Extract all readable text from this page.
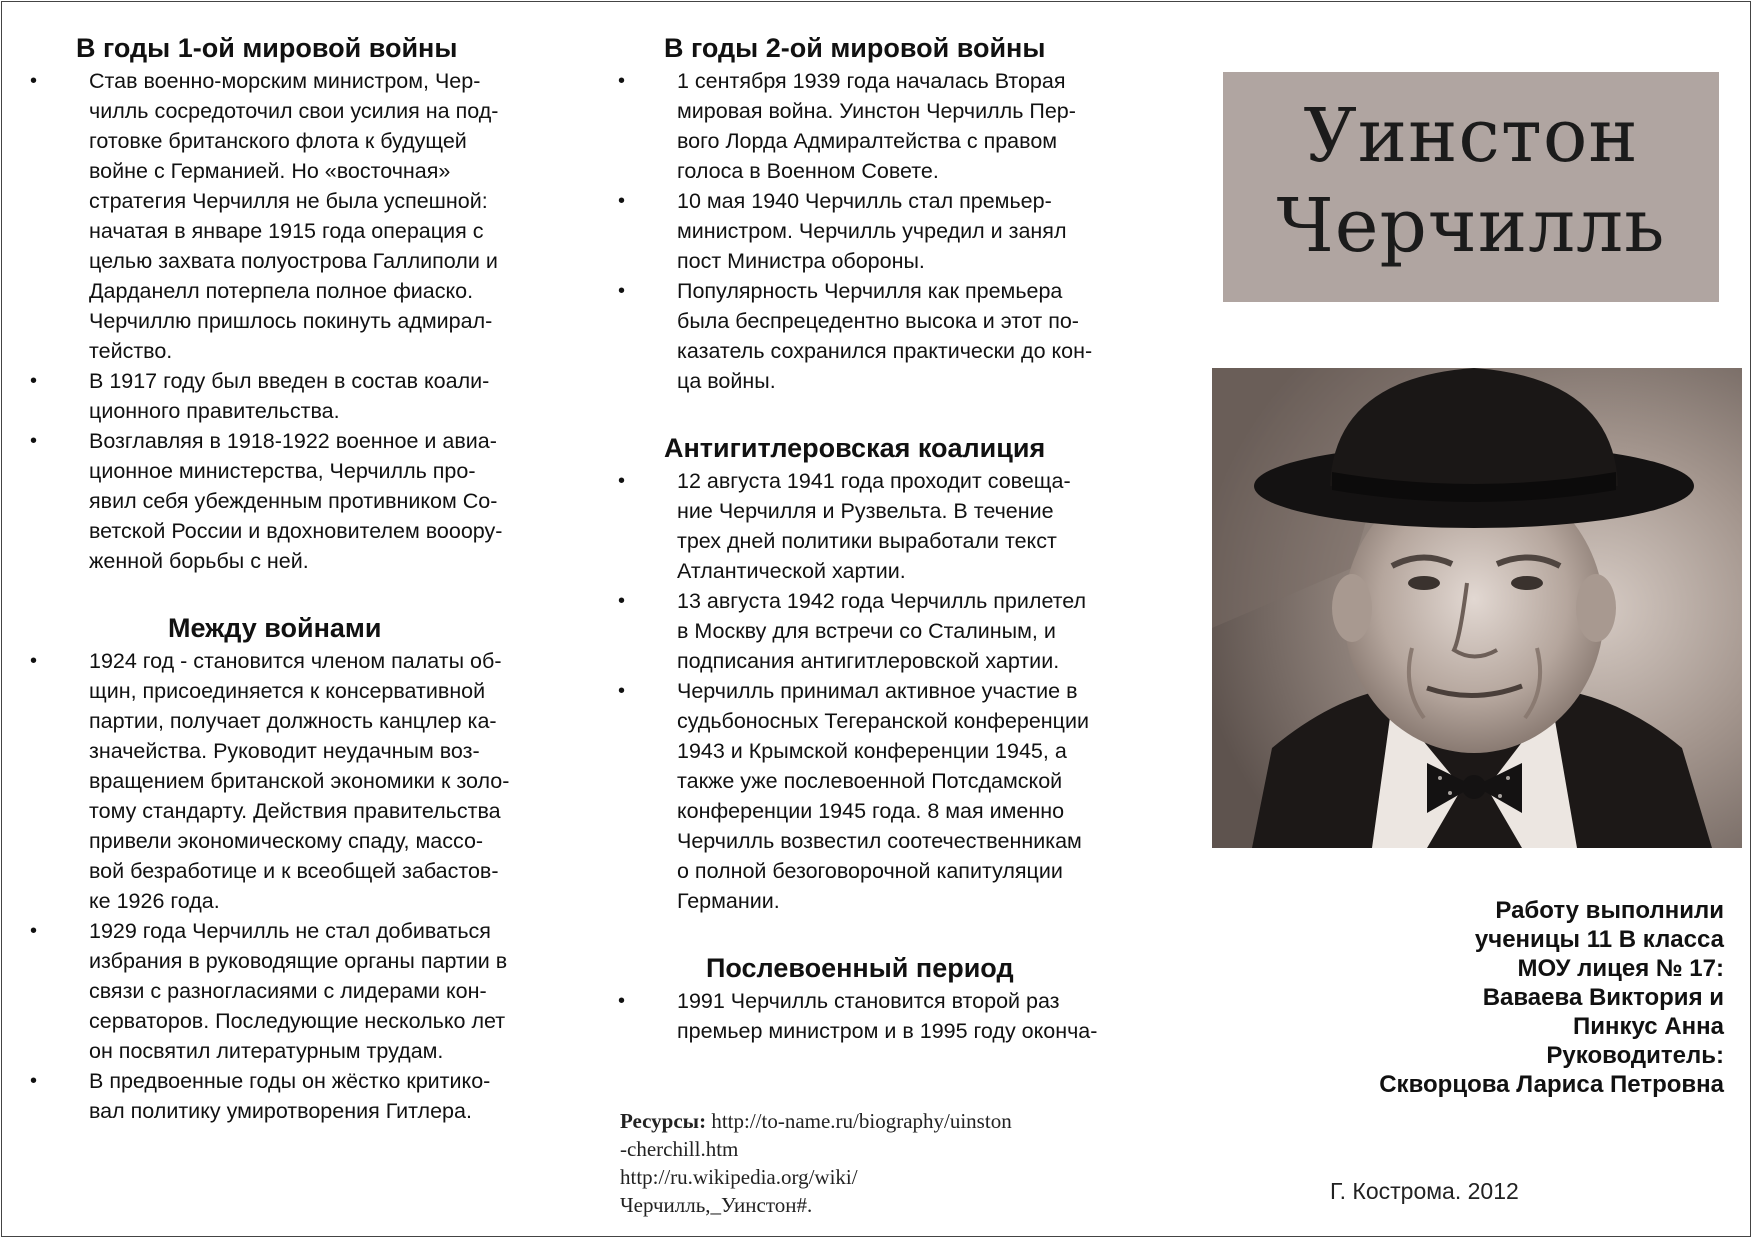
В годы 1-ой мировой войны
•	Став военно-морским министром, Чер-
чилль сосредоточил свои усилия на под-
готовке британского флота к будущей
войне с Германией. Но «восточная»
стратегия Черчилля не была успешной:
начатая в январе 1915 года операция с
целью захвата полуострова Галлиполи и
Дарданелл потерпела полное фиаско.
Черчиллю пришлось покинуть адмирал-
тейство.
•	В 1917 году был введен в состав коали-
ционного правительства.
•	Возглавляя в 1918-1922 военное и авиа-
ционное министерства, Черчилль про-
явил себя убежденным противником Со-
ветской России и вдохновителем вооору-
женной борьбы с ней.
Между войнами
•	1924 год - становится членом палаты об-
щин, присоединяется к консервативной
партии, получает должность канцлер ка-
значейства. Руководит неудачным воз-
вращением британской экономики к золо-
тому стандарту. Действия правительства
привели экономическому спаду, массо-
вой безработице и к всеобщей забастов-
ке 1926 года.
•	1929 года Черчилль не стал добиваться
избрания в руководящие органы партии в
связи с разногласиями с лидерами кон-
серваторов. Последующие несколько лет
он посвятил литературным трудам.
•	В предвоенные годы он жёстко критико-
вал политику умиротворения Гитлера.
В годы 2-ой мировой войны
•	1 сентября 1939 года началась Вторая
мировая война. Уинстон Черчилль Пер-
вого Лорда Адмиралтейства с правом
голоса в Военном Совете.
•	10 мая 1940 Черчилль стал премьер-
министром. Черчилль учредил и занял
пост Министра обороны.
•	Популярность Черчилля как премьера
была беспрецедентно высока и этот по-
казатель сохранился практически до кон-
ца войны.
Антигитлеровская коалиция
•	12 августа 1941 года проходит совеща-
ние Черчилля и Рузвельта. В течение
трех дней политики выработали текст
Атлантической хартии.
•	13 августа 1942 года Черчилль прилетел
в Москву для встречи со Сталиным, и
подписания антигитлеровской хартии.
•	Черчилль принимал активное участие в
судьбоносных Тегеранской конференции
1943 и Крымской конференции 1945, а
также уже послевоенной Потсдамской
конференции 1945 года. 8 мая именно
Черчилль возвестил соотечественникам
о полной безоговорочной капитуляции
Германии.
Послевоенный период
•	1991 Черчилль становится второй раз
премьер министром и в 1995 году оконча-
Ресурсы: http://to-name.ru/biography/uinston
-cherchill.htm
http://ru.wikipedia.org/wiki/
Черчилль,_Уинстон#.
Уинстон
Черчилль
Работу выполнили
ученицы 11 В класса
МОУ лицея № 17:
Ваваева Виктория и
Пинкус Анна
Руководитель:
Скворцова Лариса Петровна
Г. Кострома. 2012
